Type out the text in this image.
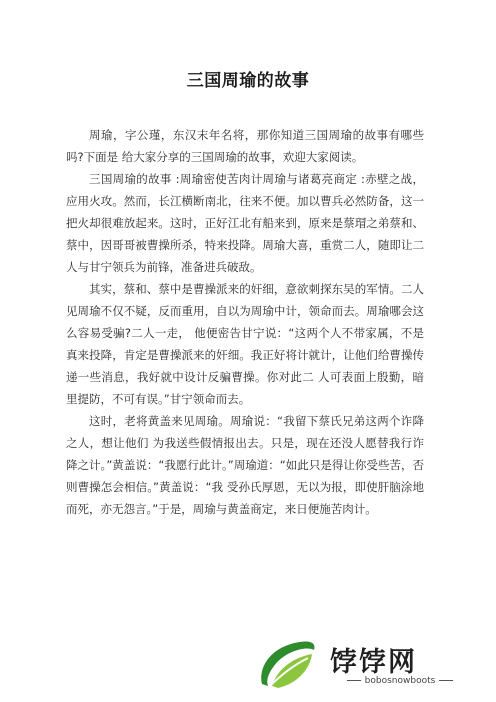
三国周瑜的故事

周瑜，字公瑾，东汉末年名将，那你知道三国周瑜的故事有哪些吗?下面是 给大家分享的三国周瑜的故事，欢迎大家阅读。

三国周瑜的故事 :周瑜密使苦肉计周瑜与诸葛亮商定 :赤壁之战，应用火攻。然而，长江横断南北，往来不便。加以曹兵必然防备，这一把火却很难放起来。这时，正好江北有船来到，原来是蔡瑁之弟蔡和、蔡中，因哥哥被曹操所杀，特来投降。周瑜大喜，重赏二人，随即让二人与甘宁领兵为前锋，准备进兵破敌。

其实，蔡和、蔡中是曹操派来的奸细，意欲刺探东吴的军情。二人见周瑜不仅不疑，反而重用，自以为周瑜中计，领命而去。周瑜哪会这么容易受骗?二人一走， 他便密告甘宁说：“这两个人不带家属，不是真来投降，肯定是曹操派来的奸细。我正好将计就计，让他们给曹操传递一些消息，我好就中设计反骗曹操。你对此二 人可表面上殷勤，暗里提防，不可有误。”甘宁领命而去。

这时，老将黄盖来见周瑜。周瑜说：“我留下蔡氏兄弟这两个诈降之人，想让他们 为我送些假情报出去。只是，现在还没人愿替我行诈降之计。”黄盖说：“我愿行此计。”周瑜道：“如此只是得让你受些苦，否则曹操怎会相信。”黄盖说：“我 受孙氏厚恩，无以为报，即使肝脑涂地而死，亦无怨言。”于是，周瑜与黄盖商定，来日便施苦肉计。

饽饽网
bobosnowboots
